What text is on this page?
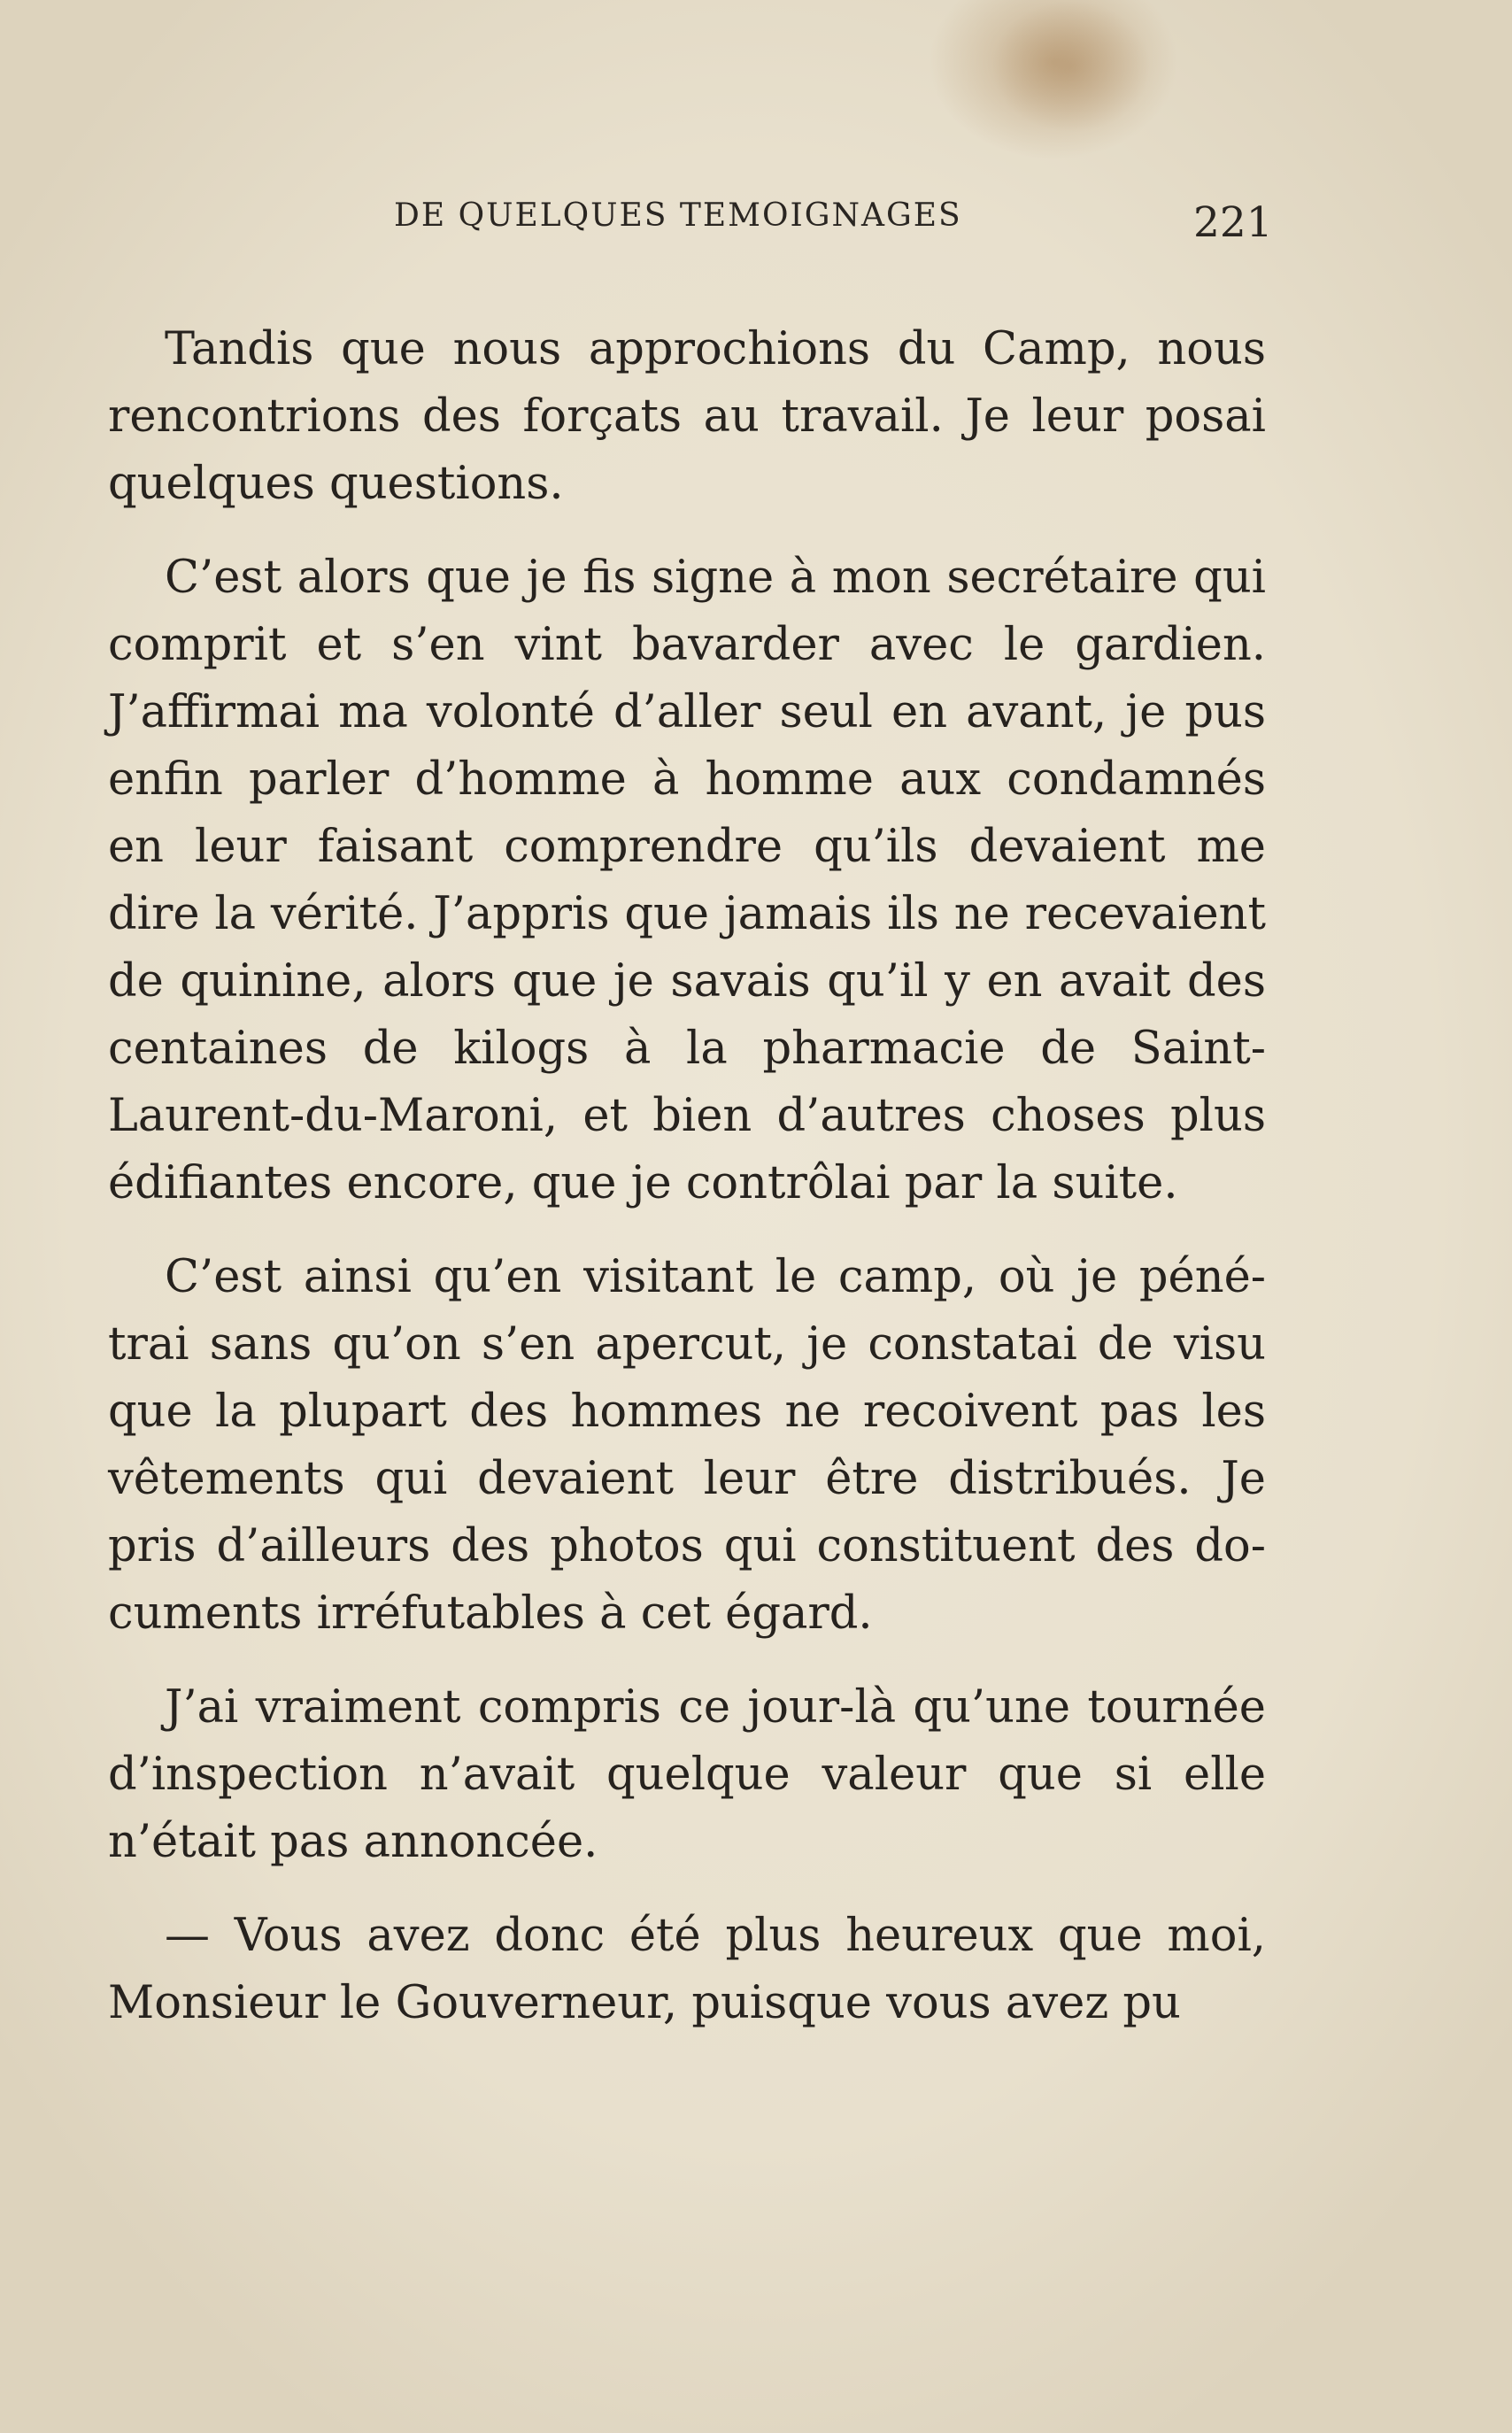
DE QUELQUES TEMOIGNAGES	221

Tandis que nous approchions du Camp, nous rencontrions des forçats au travail. Je leur posai quelques questions.

C’est alors que je fis signe à mon secrétaire qui comprit et s’en vint bavarder avec le gardien. J’affirmai ma volonté d’aller seul en avant, je pus enfin parler d’homme à homme aux condamnés en leur faisant comprendre qu’ils devaient me dire la vérité. J’appris que jamais ils ne recevaient de quinine, alors que je savais qu’il y en avait des centaines de kilogs à la pharmacie de Saint-Laurent-du-Maroni, et bien d’autres choses plus édifiantes encore, que je contrôlai par la suite.

C’est ainsi qu’en visitant le camp, où je pénétrai sans qu’on s’en apercut, je constatai de visu que la plupart des hommes ne recoivent pas les vêtements qui devaient leur être distribués. Je pris d’ailleurs des photos qui constituent des documents irréfutables à cet égard.

J’ai vraiment compris ce jour-là qu’une tournée d’inspection n’avait quelque valeur que si elle n’était pas annoncée.

— Vous avez donc été plus heureux que moi, Monsieur le Gouverneur, puisque vous avez pu
